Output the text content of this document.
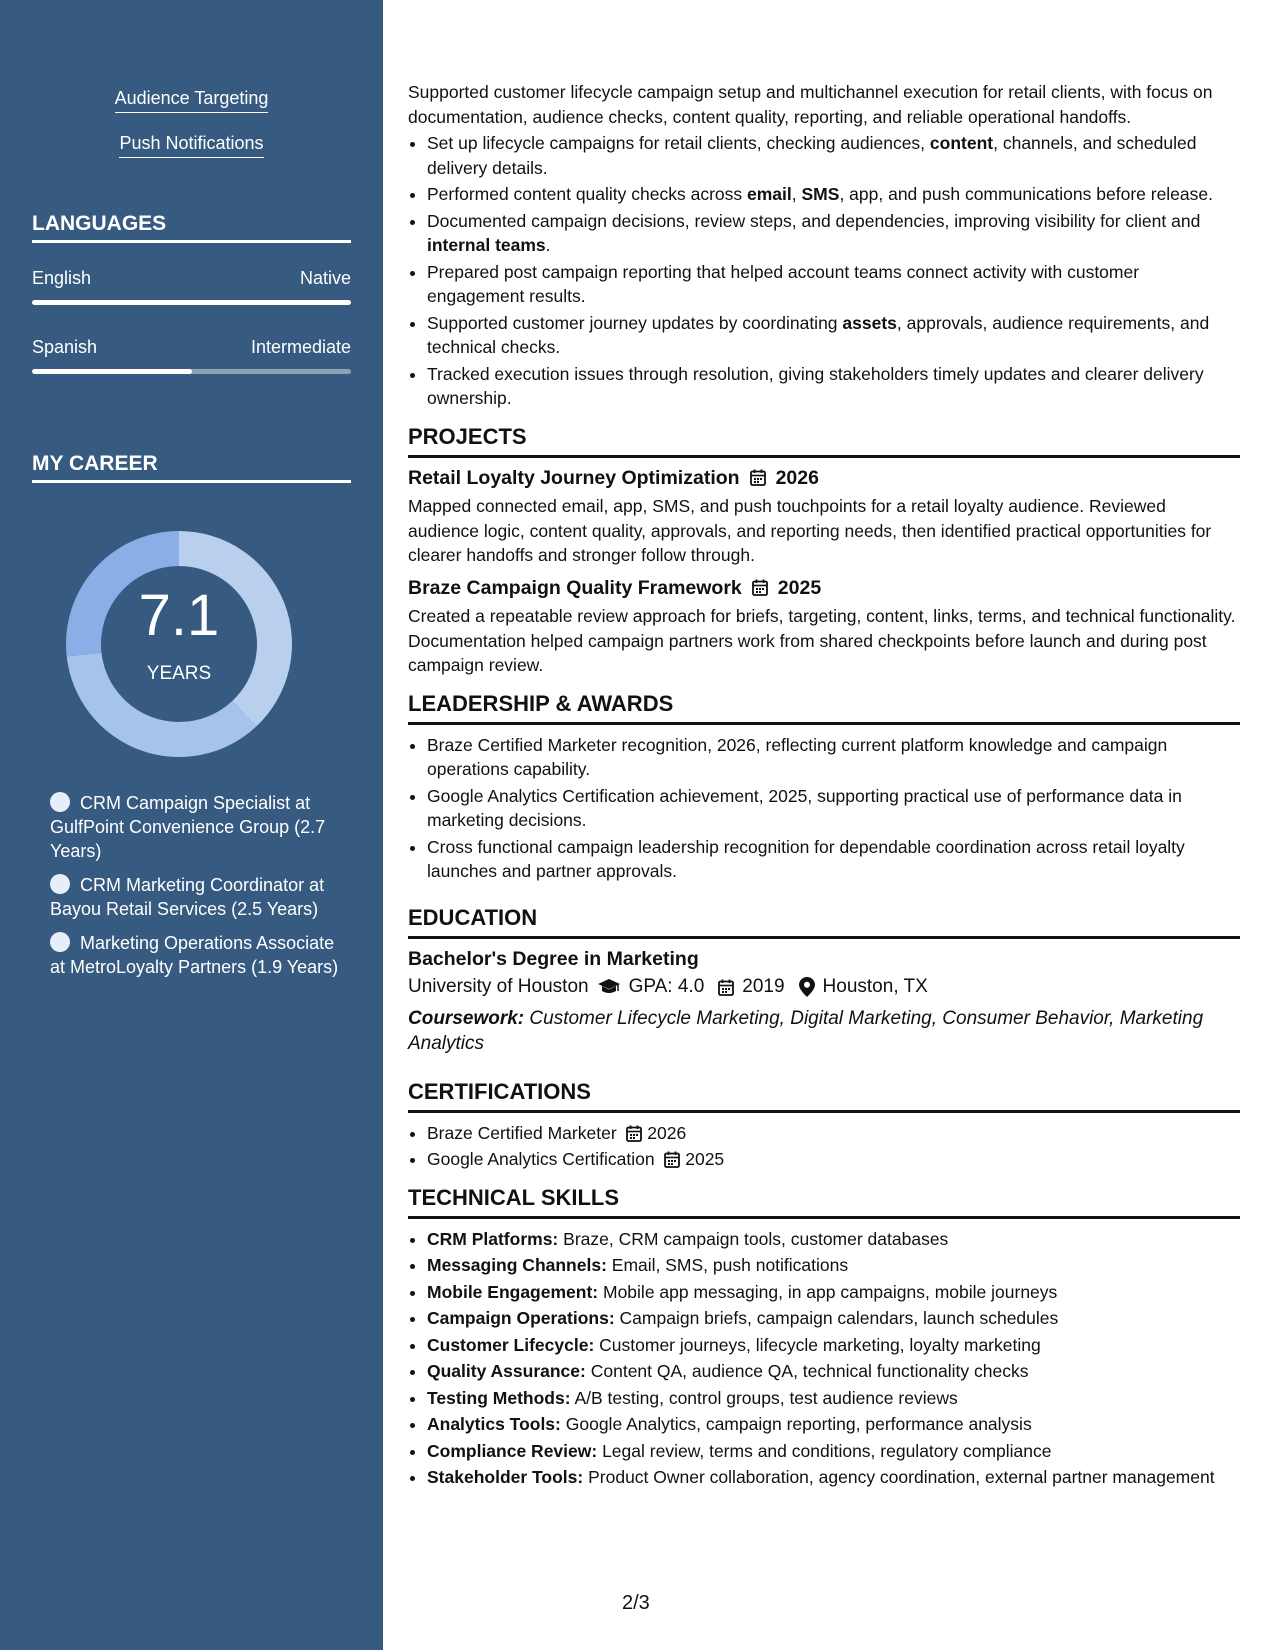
Audience Targeting
Push Notifications
LANGUAGES
English	Native
Spanish	Intermediate
MY CAREER
7.1
YEARS
CRM Campaign Specialist at GulfPoint Convenience Group (2.7 Years)
CRM Marketing Coordinator at Bayou Retail Services (2.5 Years)
Marketing Operations Associate at MetroLoyalty Partners (1.9 Years)

Supported customer lifecycle campaign setup and multichannel execution for retail clients, with focus on documentation, audience checks, content quality, reporting, and reliable operational handoffs.

• Set up lifecycle campaigns for retail clients, checking audiences, content, channels, and scheduled delivery details.
• Performed content quality checks across email, SMS, app, and push communications before release.
• Documented campaign decisions, review steps, and dependencies, improving visibility for client and internal teams.
• Prepared post campaign reporting that helped account teams connect activity with customer engagement results.
• Supported customer journey updates by coordinating assets, approvals, audience requirements, and technical checks.
• Tracked execution issues through resolution, giving stakeholders timely updates and clearer delivery ownership.
PROJECTS
Retail Loyalty Journey Optimization 2026
Mapped connected email, app, SMS, and push touchpoints for a retail loyalty audience. Reviewed audience logic, content quality, approvals, and reporting needs, then identified practical opportunities for clearer handoffs and stronger follow through.
Braze Campaign Quality Framework 2025
Created a repeatable review approach for briefs, targeting, content, links, terms, and technical functionality. Documentation helped campaign partners work from shared checkpoints before launch and during post campaign review.
LEADERSHIP & AWARDS
• Braze Certified Marketer recognition, 2026, reflecting current platform knowledge and campaign operations capability.
• Google Analytics Certification achievement, 2025, supporting practical use of performance data in marketing decisions.
• Cross functional campaign leadership recognition for dependable coordination across retail loyalty launches and partner approvals.
EDUCATION
Bachelor's Degree in Marketing
University of Houston GPA: 4.0 2019 Houston, TX
Coursework: Customer Lifecycle Marketing, Digital Marketing, Consumer Behavior, Marketing Analytics
CERTIFICATIONS
• Braze Certified Marketer 2026
• Google Analytics Certification 2025
TECHNICAL SKILLS
• CRM Platforms: Braze, CRM campaign tools, customer databases
• Messaging Channels: Email, SMS, push notifications
• Mobile Engagement: Mobile app messaging, in app campaigns, mobile journeys
• Campaign Operations: Campaign briefs, campaign calendars, launch schedules
• Customer Lifecycle: Customer journeys, lifecycle marketing, loyalty marketing
• Quality Assurance: Content QA, audience QA, technical functionality checks
• Testing Methods: A/B testing, control groups, test audience reviews
• Analytics Tools: Google Analytics, campaign reporting, performance analysis
• Compliance Review: Legal review, terms and conditions, regulatory compliance
• Stakeholder Tools: Product Owner collaboration, agency coordination, external partner management
2/3
